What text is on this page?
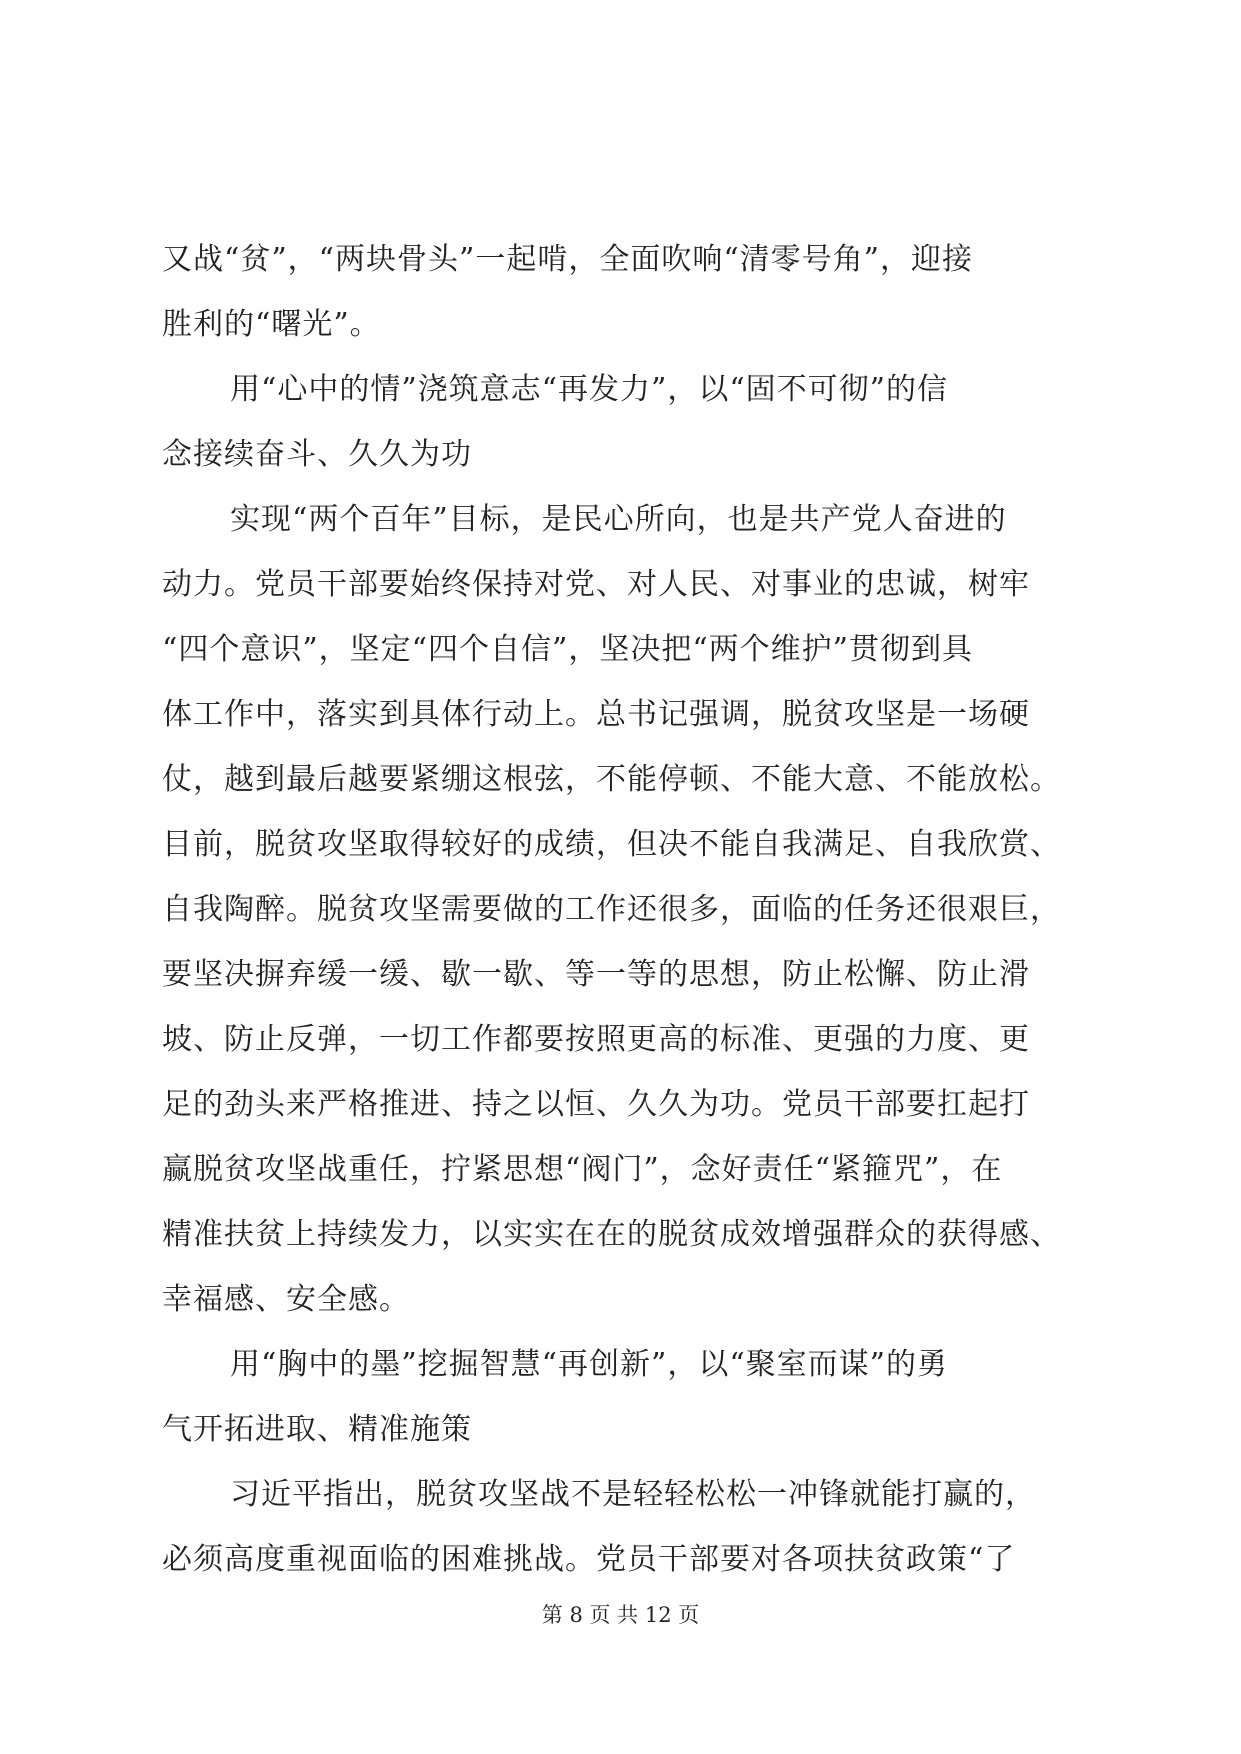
又战“贫”，“两块骨头”一起啃，全面吹响“清零号角”，迎接
胜利的“曙光”。
用“心中的情”浇筑意志“再发力”，以“固不可彻”的信
念接续奋斗、久久为功
实现“两个百年”目标，是民心所向，也是共产党人奋进的
动力。党员干部要始终保持对党、对人民、对事业的忠诚，树牢
“四个意识”，坚定“四个自信”，坚决把“两个维护”贯彻到具
体工作中，落实到具体行动上。总书记强调，脱贫攻坚是一场硬
仗，越到最后越要紧绷这根弦，不能停顿、不能大意、不能放松。
目前，脱贫攻坚取得较好的成绩，但决不能自我满足、自我欣赏、
自我陶醉。脱贫攻坚需要做的工作还很多，面临的任务还很艰巨，
要坚决摒弃缓一缓、歇一歇、等一等的思想，防止松懈、防止滑
坡、防止反弹，一切工作都要按照更高的标准、更强的力度、更
足的劲头来严格推进、持之以恒、久久为功。党员干部要扛起打
赢脱贫攻坚战重任，拧紧思想“阀门”，念好责任“紧箍咒”，在
精准扶贫上持续发力，以实实在在的脱贫成效增强群众的获得感、
幸福感、安全感。
用“胸中的墨”挖掘智慧“再创新”，以“聚室而谋”的勇
气开拓进取、精准施策
习近平指出，脱贫攻坚战不是轻轻松松一冲锋就能打赢的，
必须高度重视面临的困难挑战。党员干部要对各项扶贫政策“了
第 8 页 共 12 页
